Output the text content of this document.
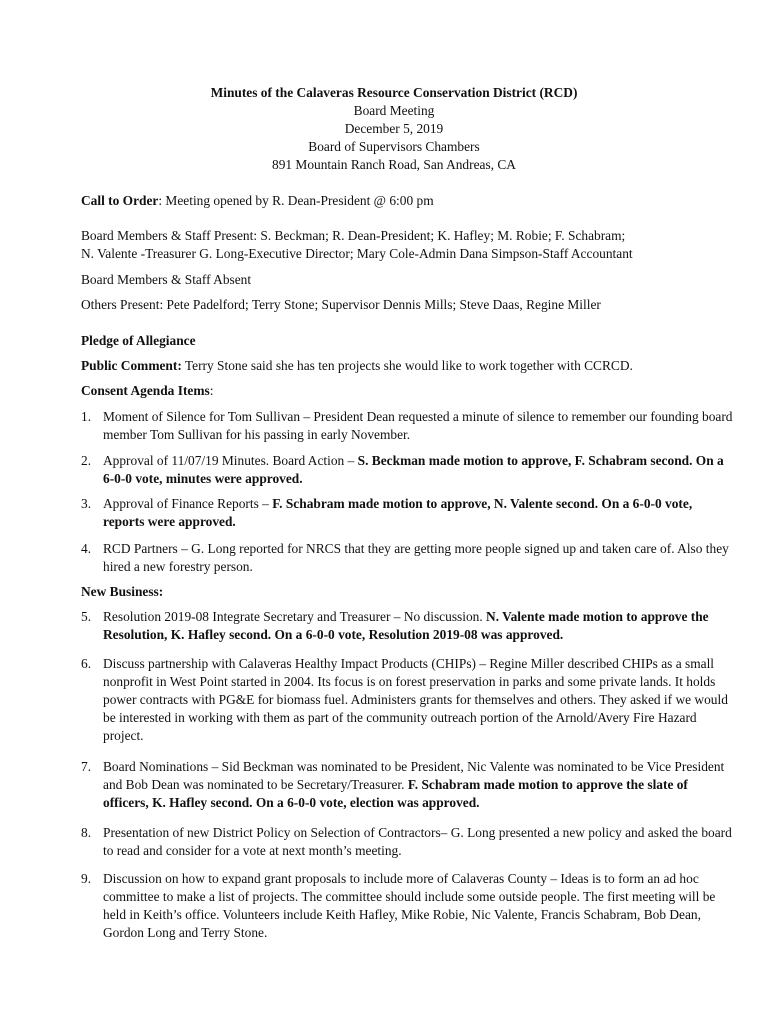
Minutes of the Calaveras Resource Conservation District (RCD)
Board Meeting
December 5, 2019
Board of Supervisors Chambers
891 Mountain Ranch Road, San Andreas, CA
Call to Order: Meeting opened by R. Dean-President @ 6:00 pm
Board Members & Staff Present: S. Beckman; R. Dean-President; K. Hafley; M. Robie; F. Schabram;
N. Valente -Treasurer G. Long-Executive Director; Mary Cole-Admin Dana Simpson-Staff Accountant
Board Members & Staff Absent
Others Present: Pete Padelford; Terry Stone; Supervisor Dennis Mills; Steve Daas, Regine Miller
Pledge of Allegiance
Public Comment: Terry Stone said she has ten projects she would like to work together with CCRCD.
Consent Agenda Items:
1. Moment of Silence for Tom Sullivan – President Dean requested a minute of silence to remember our founding board member Tom Sullivan for his passing in early November.
2. Approval of 11/07/19 Minutes. Board Action – S. Beckman made motion to approve, F. Schabram second. On a 6-0-0 vote, minutes were approved.
3. Approval of Finance Reports – F. Schabram made motion to approve, N. Valente second. On a 6-0-0 vote, reports were approved.
4. RCD Partners – G. Long reported for NRCS that they are getting more people signed up and taken care of. Also they hired a new forestry person.
New Business:
5. Resolution 2019-08 Integrate Secretary and Treasurer – No discussion. N. Valente made motion to approve the Resolution, K. Hafley second. On a 6-0-0 vote, Resolution 2019-08 was approved.
6. Discuss partnership with Calaveras Healthy Impact Products (CHIPs) – Regine Miller described CHIPs as a small nonprofit in West Point started in 2004. Its focus is on forest preservation in parks and some private lands. It holds power contracts with PG&E for biomass fuel. Administers grants for themselves and others. They asked if we would be interested in working with them as part of the community outreach portion of the Arnold/Avery Fire Hazard project.
7. Board Nominations – Sid Beckman was nominated to be President, Nic Valente was nominated to be Vice President and Bob Dean was nominated to be Secretary/Treasurer. F. Schabram made motion to approve the slate of officers, K. Hafley second. On a 6-0-0 vote, election was approved.
8. Presentation of new District Policy on Selection of Contractors– G. Long presented a new policy and asked the board to read and consider for a vote at next month’s meeting.
9. Discussion on how to expand grant proposals to include more of Calaveras County – Ideas is to form an ad hoc committee to make a list of projects. The committee should include some outside people. The first meeting will be held in Keith’s office. Volunteers include Keith Hafley, Mike Robie, Nic Valente, Francis Schabram, Bob Dean, Gordon Long and Terry Stone.
